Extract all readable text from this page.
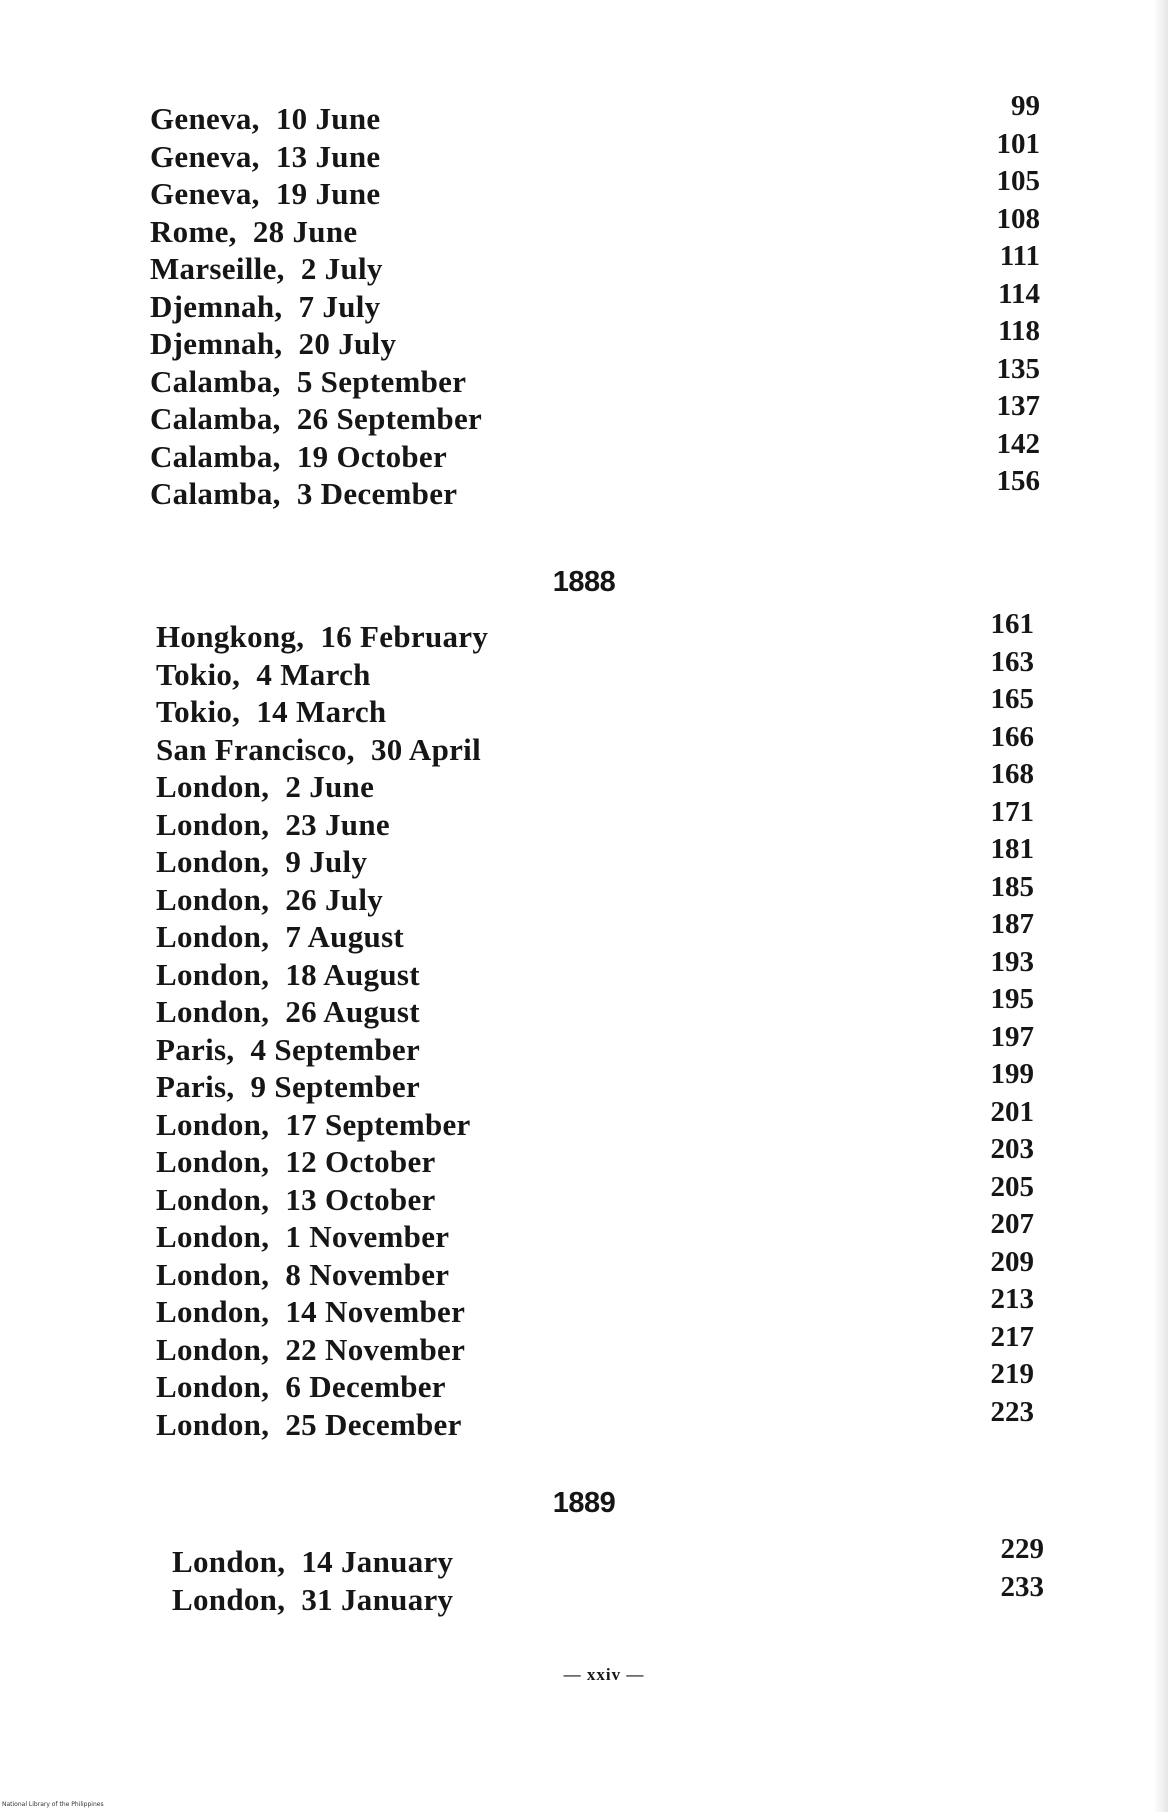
Geneva, 10 June	99
Geneva, 13 June	101
Geneva, 19 June	105
Rome, 28 June	108
Marseille, 2 July	111
Djemnah, 7 July	114
Djemnah, 20 July	118
Calamba, 5 September	135
Calamba, 26 September	137
Calamba, 19 October	142
Calamba, 3 December	156
1888
Hongkong, 16 February	161
Tokio, 4 March	163
Tokio, 14 March	165
San Francisco, 30 April	166
London, 2 June	168
London, 23 June	171
London, 9 July	181
London, 26 July	185
London, 7 August	187
London, 18 August	193
London, 26 August	195
Paris, 4 September	197
Paris, 9 September	199
London, 17 September	201
London, 12 October	203
London, 13 October	205
London, 1 November	207
London, 8 November	209
London, 14 November	213
London, 22 November	217
London, 6 December	219
London, 25 December	223
1889
London, 14 January	229
London, 31 January	233
— xxiv —
National Library of the Philippines
